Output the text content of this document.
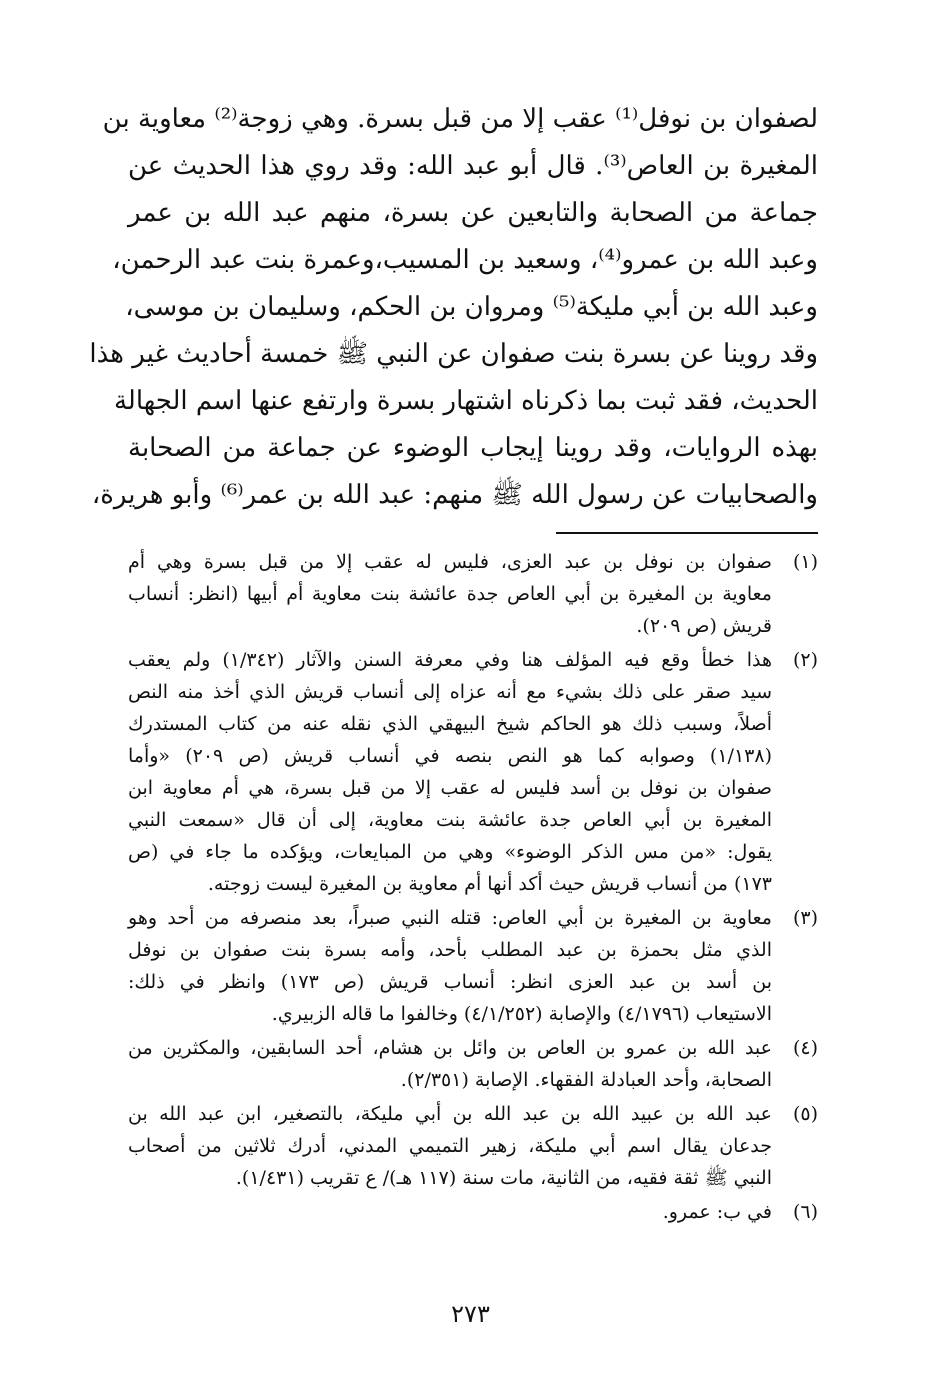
لصفوان بن نوفل⁽¹⁾ عقب إلا من قبل بسرة. وهي زوجة⁽²⁾ معاوية بن
المغيرة بن العاص⁽³⁾. قال أبو عبد الله: وقد روي هذا الحديث عن
جماعة من الصحابة والتابعين عن بسرة، منهم عبد الله بن عمر
وعبد الله بن عمرو⁽⁴⁾، وسعيد بن المسيب،وعمرة بنت عبد الرحمن،
وعبد الله بن أبي مليكة⁽⁵⁾ ومروان بن الحكم، وسليمان بن موسى،
وقد روينا عن بسرة بنت صفوان عن النبي ﷺ خمسة أحاديث غير هذا
الحديث، فقد ثبت بما ذكرناه اشتهار بسرة وارتفع عنها اسم الجهالة
بهذه الروايات، وقد روينا إيجاب الوضوء عن جماعة من الصحابة
والصحابيات عن رسول الله ﷺ منهم: عبد الله بن عمر⁽⁶⁾ وأبو هريرة،
(١)
صفوان بن نوفل بن عبد العزى، فليس له عقب إلا من قبل بسرة وهي أم
معاوية بن المغيرة بن أبي العاص جدة عائشة بنت معاوية أم أبيها (انظر: أنساب
قريش (ص ٢٠٩).
(٢)
هذا خطأ وقع فيه المؤلف هنا وفي معرفة السنن والآثار (١/٣٤٢) ولم يعقب
سيد صقر على ذلك بشيء مع أنه عزاه إلى أنساب قريش الذي أخذ منه النص
أصلاً، وسبب ذلك هو الحاكم شيخ البيهقي الذي نقله عنه من كتاب المستدرك
(١/١٣٨) وصوابه كما هو النص بنصه في أنساب قريش (ص ٢٠٩) «وأما
صفوان بن نوفل بن أسد فليس له عقب إلا من قبل بسرة، هي أم معاوية ابن
المغيرة بن أبي العاص جدة عائشة بنت معاوية، إلى أن قال «سمعت النبي
يقول: «من مس الذكر الوضوء» وهي من المبايعات، ويؤكده ما جاء في (ص
١٧٣) من أنساب قريش حيث أكد أنها أم معاوية بن المغيرة ليست زوجته.
(٣)
معاوية بن المغيرة بن أبي العاص: قتله النبي صبراً، بعد منصرفه من أحد وهو
الذي مثل بحمزة بن عبد المطلب بأحد، وأمه بسرة بنت صفوان بن نوفل
بن أسد بن عبد العزى انظر: أنساب قريش (ص ١٧٣) وانظر في ذلك:
الاستيعاب (٤/١٧٩٦) والإصابة (٤/١/٢٥٢) وخالفوا ما قاله الزبيري.
(٤)
عبد الله بن عمرو بن العاص بن وائل بن هشام، أحد السابقين، والمكثرين من
الصحابة، وأحد العبادلة الفقهاء. الإصابة (٢/٣٥١).
(٥)
عبد الله بن عبيد الله بن عبد الله بن أبي مليكة، بالتصغير، ابن عبد الله بن
جدعان يقال اسم أبي مليكة، زهير التميمي المدني، أدرك ثلاثين من أصحاب
النبي ﷺ ثقة فقيه، من الثانية، مات سنة (١١٧ هـ)/ ع تقريب (١/٤٣١).
(٦)
في ب: عمرو.
٢٧٣
